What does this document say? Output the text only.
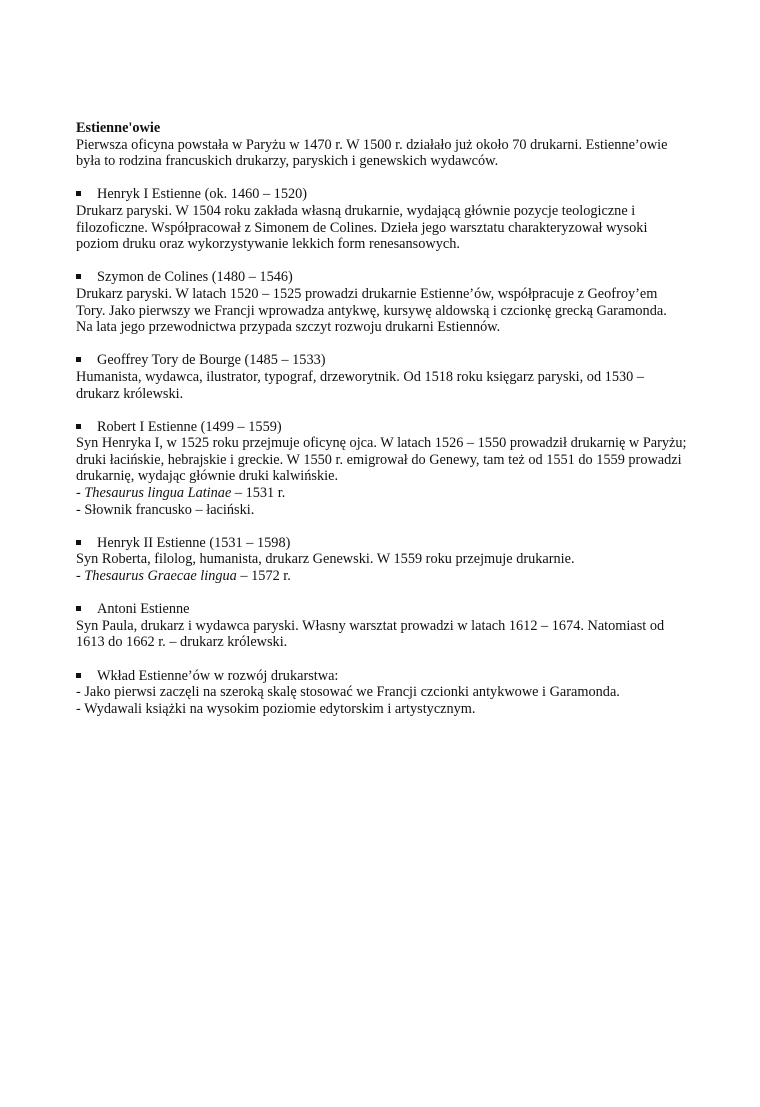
Estienne'owie
Pierwsza oficyna powstała w Paryżu w 1470 r. W 1500 r. działało już około 70 drukarni. Estienne’owie
była to rodzina francuskich drukarzy, paryskich i genewskich wydawców.
Henryk I Estienne (ok. 1460 – 1520)
Drukarz paryski. W 1504 roku zakłada własną drukarnie, wydającą głównie pozycje teologiczne i
filozoficzne. Współpracował z Simonem de Colines. Dzieła jego warsztatu charakteryzował wysoki
poziom druku oraz wykorzystywanie lekkich form renesansowych.
Szymon de Colines (1480 – 1546)
Drukarz paryski. W latach 1520 – 1525 prowadzi drukarnie Estienne’ów, współpracuje z Geofroy’em
Tory. Jako pierwszy we Francji wprowadza antykwę, kursywę aldowską i czcionkę grecką Garamonda.
Na lata jego przewodnictwa przypada szczyt rozwoju drukarni Estiennów.
Geoffrey Tory de Bourge (1485 – 1533)
Humanista, wydawca, ilustrator, typograf, drzeworytnik. Od 1518 roku księgarz paryski, od 1530 –
drukarz królewski.
Robert I Estienne (1499 – 1559)
Syn Henryka I, w 1525 roku przejmuje oficynę ojca. W latach 1526 – 1550 prowadził drukarnię w Paryżu;
druki łacińskie, hebrajskie i greckie. W 1550 r. emigrował do Genewy, tam też od 1551 do 1559 prowadzi
drukarnię, wydając głównie druki kalwińskie.
- Thesaurus lingua Latinae – 1531 r.
- Słownik francusko – łaciński.
Henryk II Estienne (1531 – 1598)
Syn Roberta, filolog, humanista, drukarz Genewski. W 1559 roku przejmuje drukarnie.
- Thesaurus Graecae lingua – 1572 r.
Antoni Estienne
Syn Paula, drukarz i wydawca paryski. Własny warsztat prowadzi w latach 1612 – 1674. Natomiast od
1613 do 1662 r. – drukarz królewski.
Wkład Estienne’ów w rozwój drukarstwa:
- Jako pierwsi zaczęli na szeroką skalę stosować we Francji czcionki antykwowe i Garamonda.
- Wydawali książki na wysokim poziomie edytorskim i artystycznym.
